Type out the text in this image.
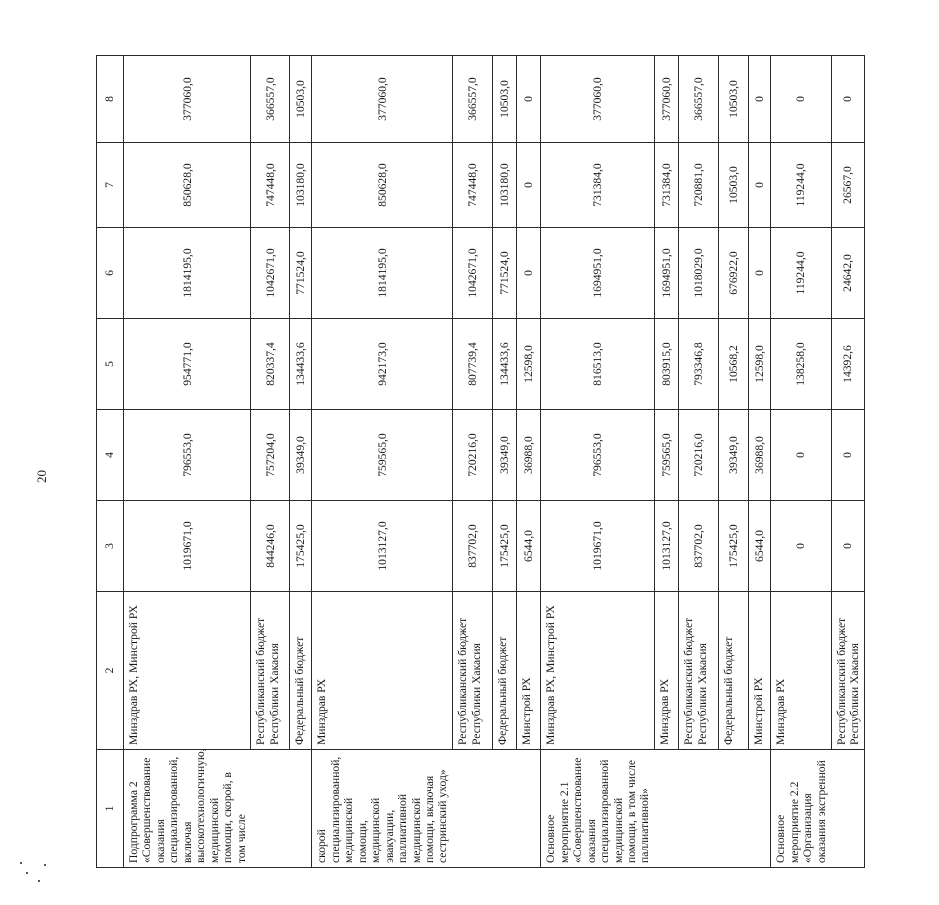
20
1	2	3	4	5	6	7	8
Подпрограмма 2 «Совершенствование оказания специализированной, включая высокотехнологичную, медицинской помощи, скорой, в том числе	Минздрав РХ, Минстрой РХ	1019671,0	796553,0	954771,0	1814195,0	850628,0	377060,0
	Республиканский бюджет Республики Хакасия	844246,0	757204,0	820337,4	1042671,0	747448,0	366557,0
	Федеральный бюджет	175425,0	39349,0	134433,6	771524,0	103180,0	10503,0
скорой специализированной, медицинской помощи, медицинской эвакуации, паллиативной медицинской помощи, включая сестринский уход»	Минздрав РХ	1013127,0	759565,0	942173,0	1814195,0	850628,0	377060,0
	Республиканский бюджет Республики Хакасия	837702,0	720216,0	807739,4	1042671,0	747448,0	366557,0
	Федеральный бюджет	175425,0	39349,0	134433,6	771524,0	103180,0	10503,0
	Минстрой РХ	6544,0	36988,0	12598,0	0	0	0
Основное мероприятие 2.1 «Совершенствование оказания специализированной медицинской помощи, в том числе паллиативной»	Минздрав РХ, Минстрой РХ	1019671,0	796553,0	816513,0	1694951,0	731384,0	377060,0
	Минздрав РХ	1013127,0	759565,0	803915,0	1694951,0	731384,0	377060,0
	Республиканский бюджет Республики Хакасия	837702,0	720216,0	793346,8	1018029,0	720881,0	366557,0
	Федеральный бюджет	175425,0	39349,0	10568,2	676922,0	10503,0	10503,0
	Минстрой РХ	6544,0	36988,0	12598,0	0	0	0
Основное мероприятие 2.2 «Организация оказания экстренной	Минздрав РХ	0	0	138258,0	119244,0	119244,0	0
	Республиканский бюджет Республики Хакасия	0	0	14392,6	24642,0	26567,0	0
